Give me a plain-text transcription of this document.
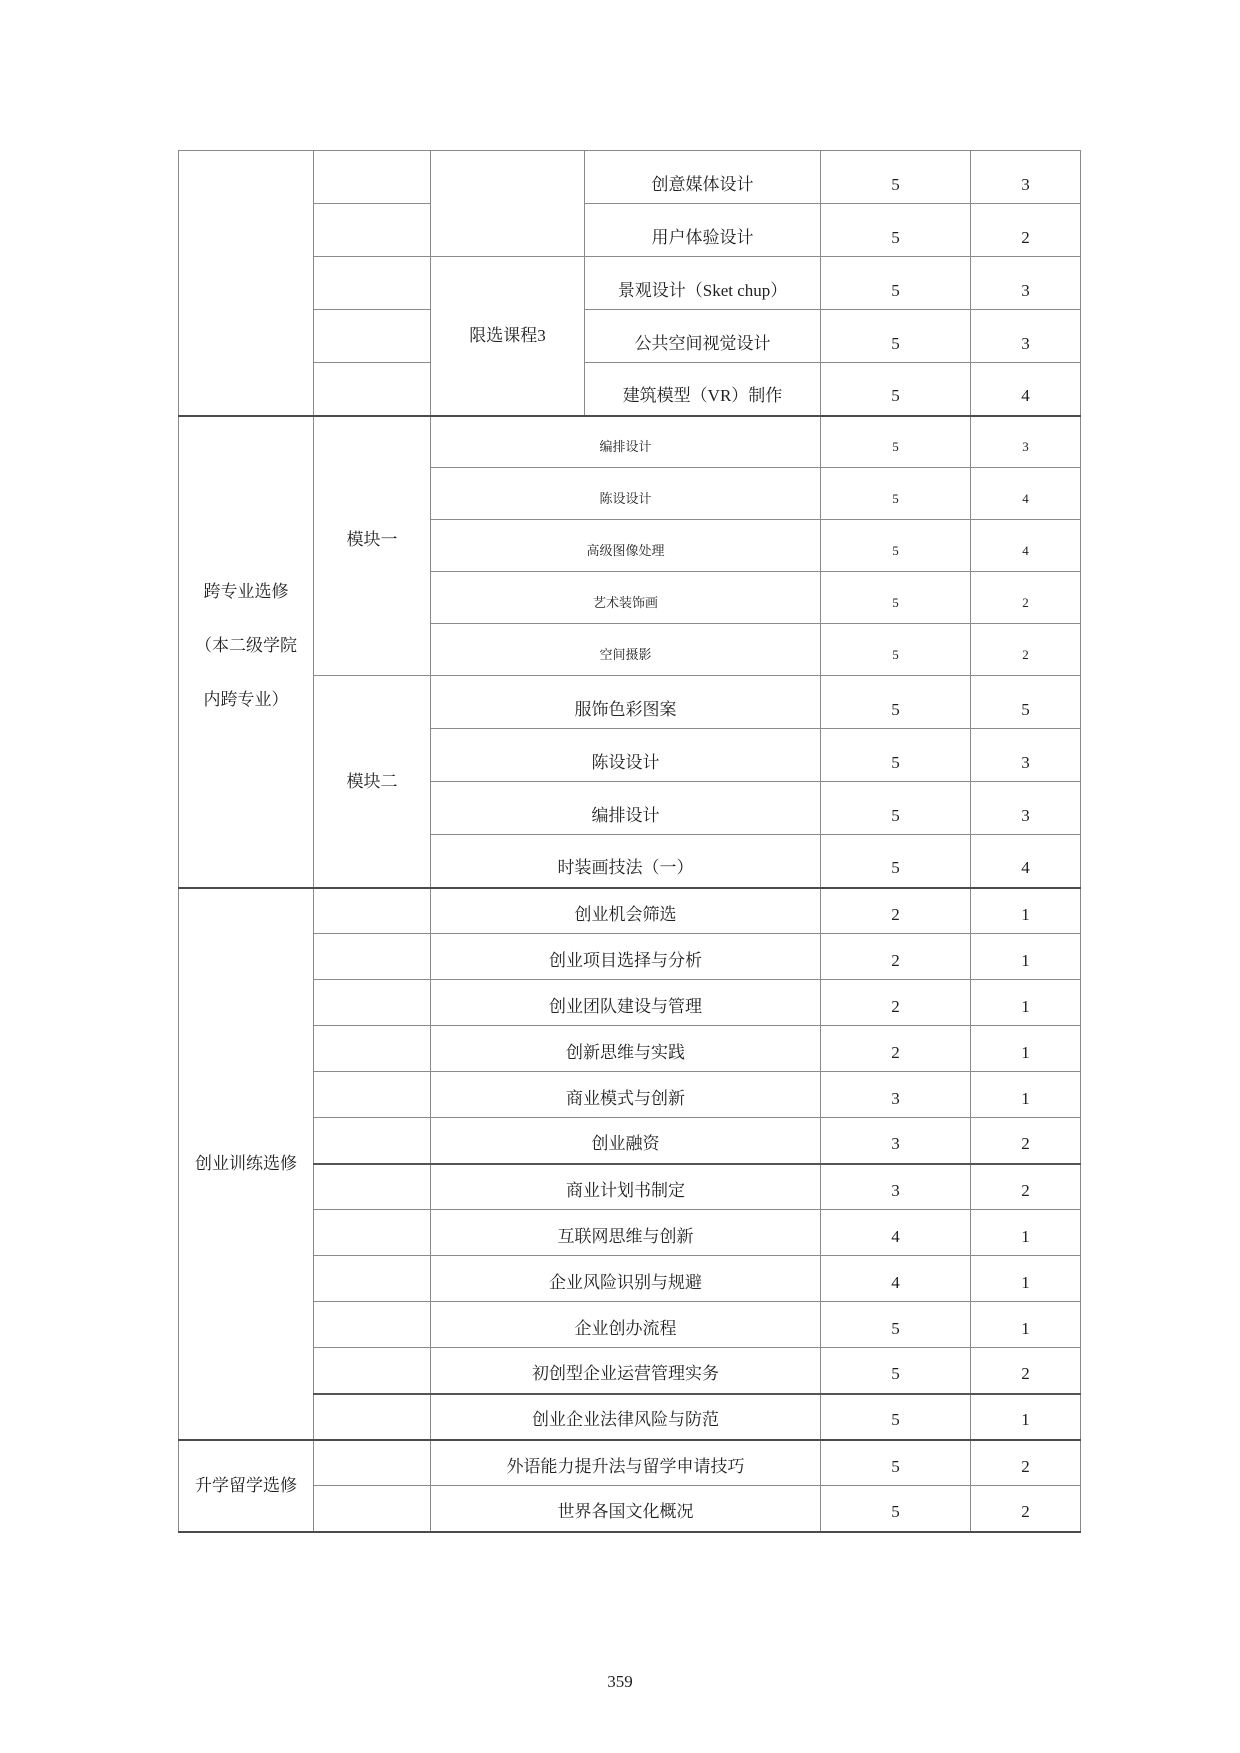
			创意媒体设计	5	3
			用户体验设计	5	2
		限选课程3	景观设计（Sket chup）	5	3
			公共空间视觉设计	5	3
			建筑模型（VR）制作	5	4

跨专业选修
（本二级学院
内跨专业）	模块一	编排设计		5	3
		陈设设计		5	4
		高级图像处理		5	4
		艺术装饰画		5	2
		空间摄影		5	2
	模块二	服饰色彩图案		5	5
		陈设设计		5	3
		编排设计		5	3
		时装画技法（一）		5	4
创业训练选修		创业机会筛选		2	1
		创业项目选择与分析		2	1
		创业团队建设与管理		2	1
		创新思维与实践		2	1
		商业模式与创新		3	1
		创业融资		3	2
		商业计划书制定		3	2
		互联网思维与创新		4	1
		企业风险识别与规避		4	1
		企业创办流程		5	1
		初创型企业运营管理实务		5	2
		创业企业法律风险与防范		5	1
升学留学选修		外语能力提升法与留学申请技巧		5	2
		世界各国文化概况		5	2
359
